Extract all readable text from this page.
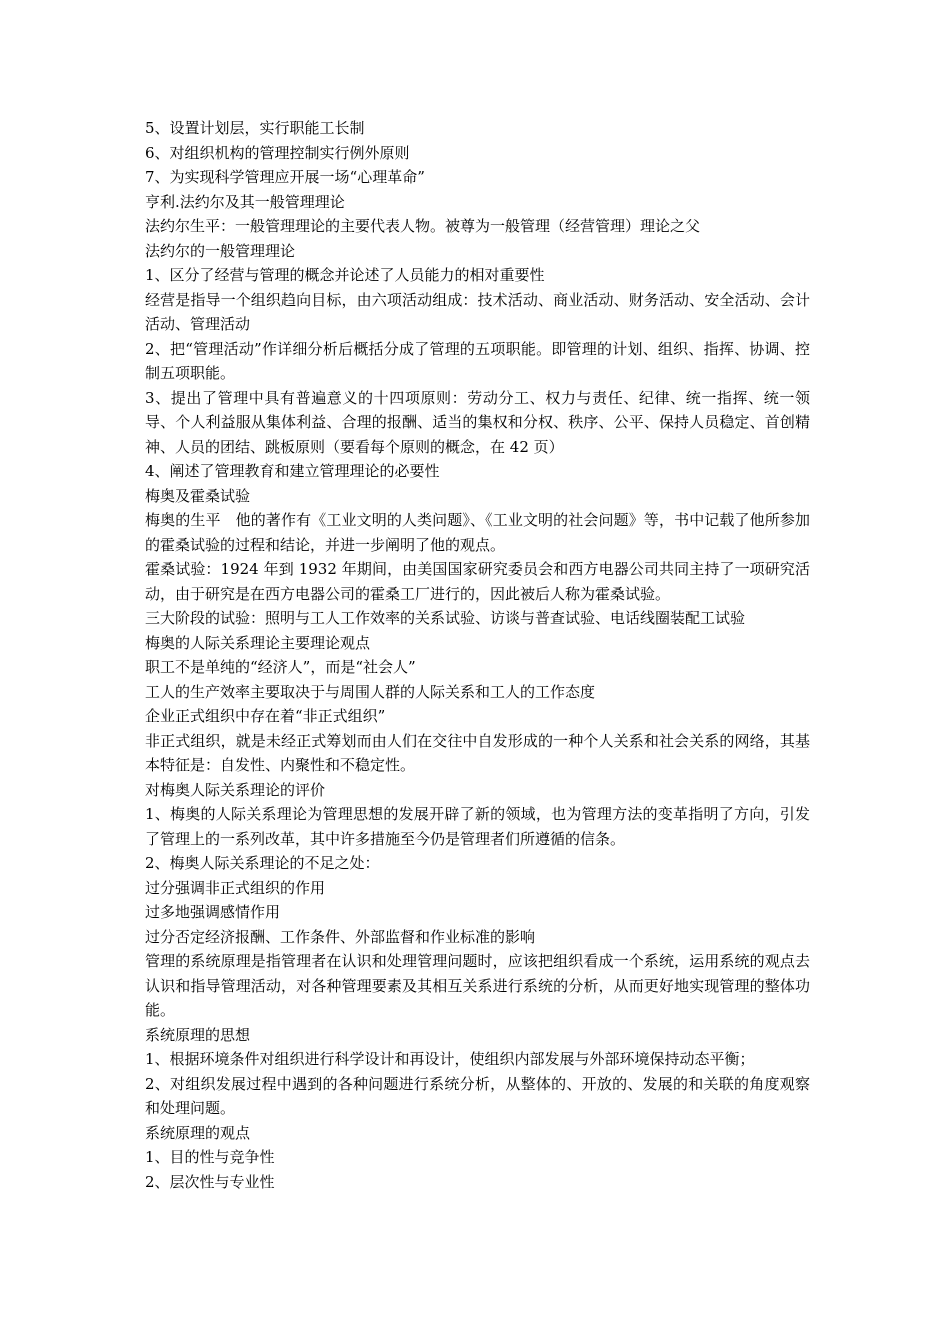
5、设置计划层，实行职能工长制

6、对组织机构的管理控制实行例外原则

7、为实现科学管理应开展一场“心理革命”

亨利.法约尔及其一般管理理论

法约尔生平：一般管理理论的主要代表人物。被尊为一般管理（经营管理）理论之父

法约尔的一般管理理论

1、区分了经营与管理的概念并论述了人员能力的相对重要性

经营是指导一个组织趋向目标，由六项活动组成：技术活动、商业活动、财务活动、安全活动、会计活动、管理活动

2、把“管理活动”作详细分析后概括分成了管理的五项职能。即管理的计划、组织、指挥、协调、控制五项职能。

3、提出了管理中具有普遍意义的十四项原则：劳动分工、权力与责任、纪律、统一指挥、统一领导、个人利益服从集体利益、合理的报酬、适当的集权和分权、秩序、公平、保持人员稳定、首创精神、人员的团结、跳板原则（要看每个原则的概念，在 42 页）

4、阐述了管理教育和建立管理理论的必要性

梅奥及霍桑试验

梅奥的生平　他的著作有《工业文明的人类问题》、《工业文明的社会问题》等，书中记载了他所参加的霍桑试验的过程和结论，并进一步阐明了他的观点。

霍桑试验：1924 年到 1932 年期间，由美国国家研究委员会和西方电器公司共同主持了一项研究活动，由于研究是在西方电器公司的霍桑工厂进行的，因此被后人称为霍桑试验。

三大阶段的试验：照明与工人工作效率的关系试验、访谈与普查试验、电话线圈装配工试验

梅奥的人际关系理论主要理论观点

职工不是单纯的“经济人”，而是“社会人”

工人的生产效率主要取决于与周围人群的人际关系和工人的工作态度

企业正式组织中存在着“非正式组织”

非正式组织，就是未经正式筹划而由人们在交往中自发形成的一种个人关系和社会关系的网络，其基本特征是：自发性、内聚性和不稳定性。

对梅奥人际关系理论的评价

1、梅奥的人际关系理论为管理思想的发展开辟了新的领域，也为管理方法的变革指明了方向，引发了管理上的一系列改革，其中许多措施至今仍是管理者们所遵循的信条。

2、梅奥人际关系理论的不足之处：

过分强调非正式组织的作用

过多地强调感情作用

过分否定经济报酬、工作条件、外部监督和作业标准的影响

管理的系统原理是指管理者在认识和处理管理问题时，应该把组织看成一个系统，运用系统的观点去认识和指导管理活动，对各种管理要素及其相互关系进行系统的分析，从而更好地实现管理的整体功能。

系统原理的思想

1、根据环境条件对组织进行科学设计和再设计，使组织内部发展与外部环境保持动态平衡；

2、对组织发展过程中遇到的各种问题进行系统分析，从整体的、开放的、发展的和关联的角度观察和处理问题。

系统原理的观点

1、目的性与竞争性

2、层次性与专业性
